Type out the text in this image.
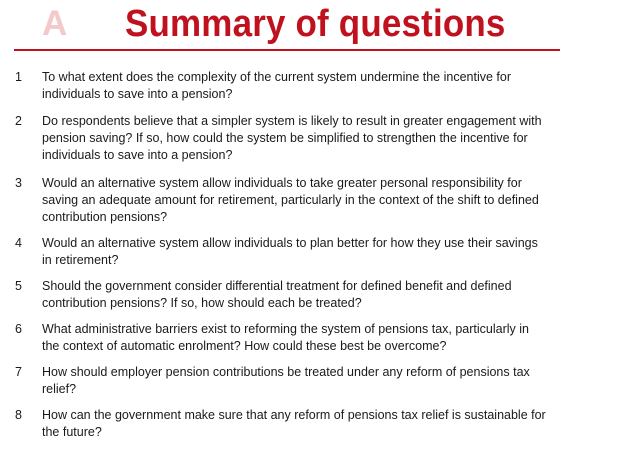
A Summary of questions
1 To what extent does the complexity of the current system undermine the incentive for
individuals to save into a pension?
2 Do respondents believe that a simpler system is likely to result in greater engagement with
pension saving? If so, how could the system be simplified to strengthen the incentive for
individuals to save into a pension?
3 Would an alternative system allow individuals to take greater personal responsibility for
saving an adequate amount for retirement, particularly in the context of the shift to defined
contribution pensions?
4 Would an alternative system allow individuals to plan better for how they use their savings
in retirement?
5 Should the government consider differential treatment for defined benefit and defined
contribution pensions? If so, how should each be treated?
6 What administrative barriers exist to reforming the system of pensions tax, particularly in
the context of automatic enrolment? How could these best be overcome?
7 How should employer pension contributions be treated under any reform of pensions tax
relief?
8 How can the government make sure that any reform of pensions tax relief is sustainable for
the future?
